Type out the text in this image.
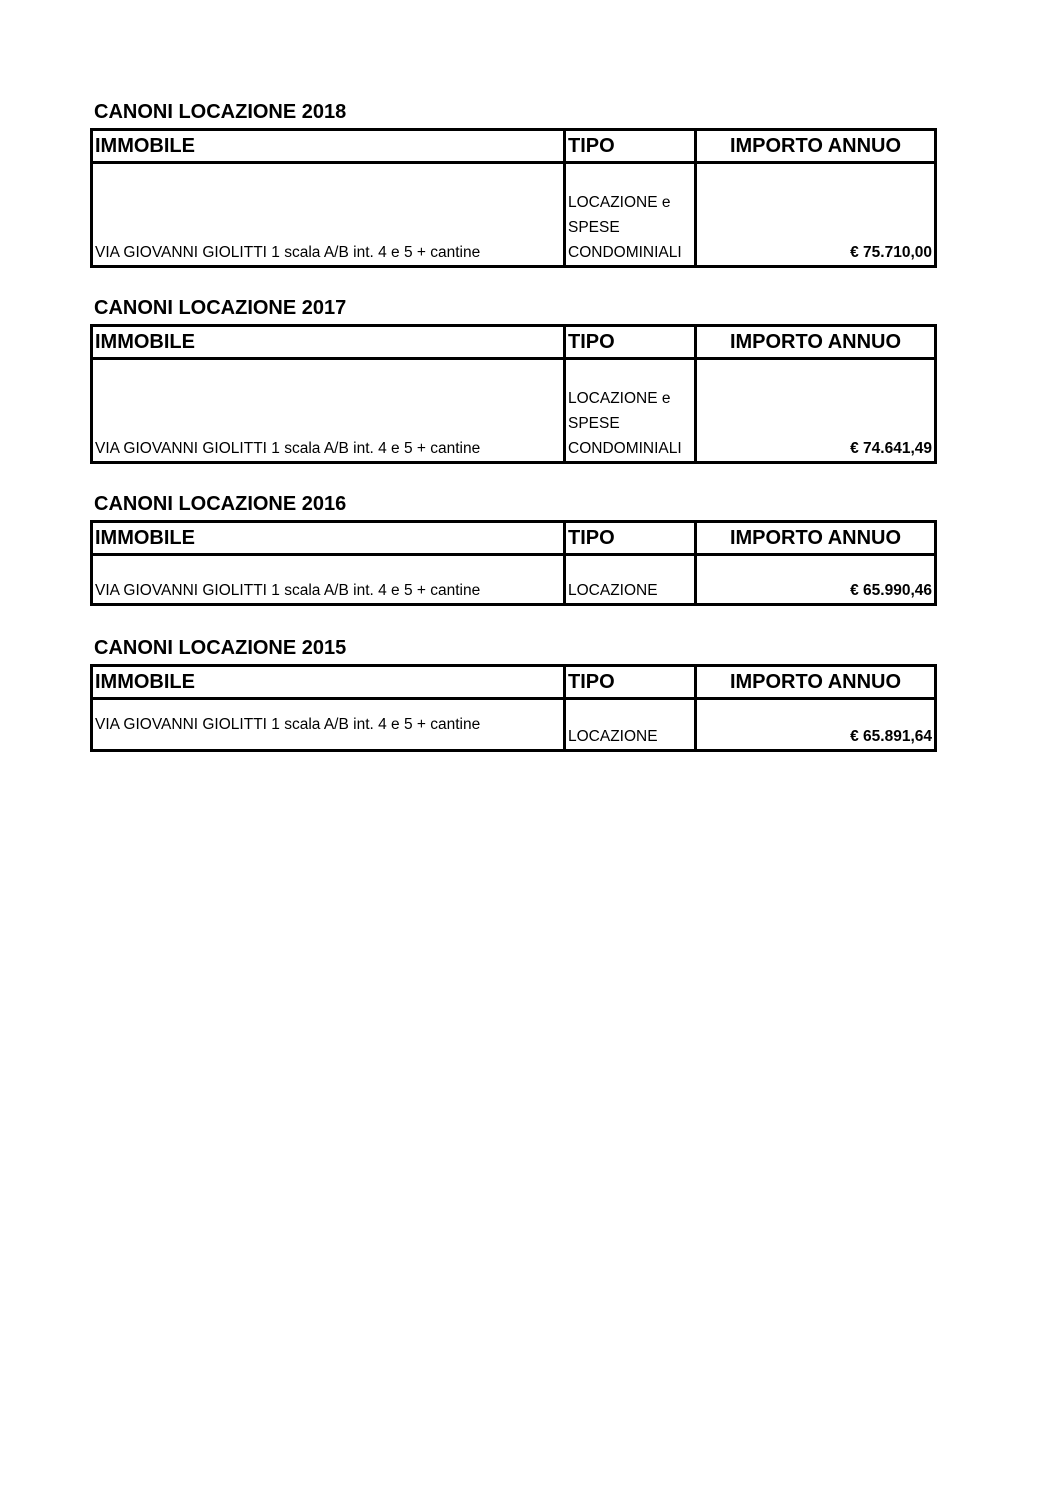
CANONI LOCAZIONE 2018
IMMOBILE	TIPO	IMPORTO ANNUO
VIA GIOVANNI GIOLITTI 1 scala A/B int. 4 e 5 + cantine	LOCAZIONE e
SPESE
CONDOMINIALI	€ 75.710,00
CANONI LOCAZIONE 2017
IMMOBILE	TIPO	IMPORTO ANNUO
VIA GIOVANNI GIOLITTI 1 scala A/B int. 4 e 5 + cantine	LOCAZIONE e
SPESE
CONDOMINIALI	€ 74.641,49
CANONI LOCAZIONE 2016
IMMOBILE	TIPO	IMPORTO ANNUO
VIA GIOVANNI GIOLITTI 1 scala A/B int. 4 e 5 + cantine	LOCAZIONE	€ 65.990,46
CANONI LOCAZIONE 2015
IMMOBILE	TIPO	IMPORTO ANNUO
VIA GIOVANNI GIOLITTI 1 scala A/B int. 4 e 5 + cantine	LOCAZIONE	€ 65.891,64
